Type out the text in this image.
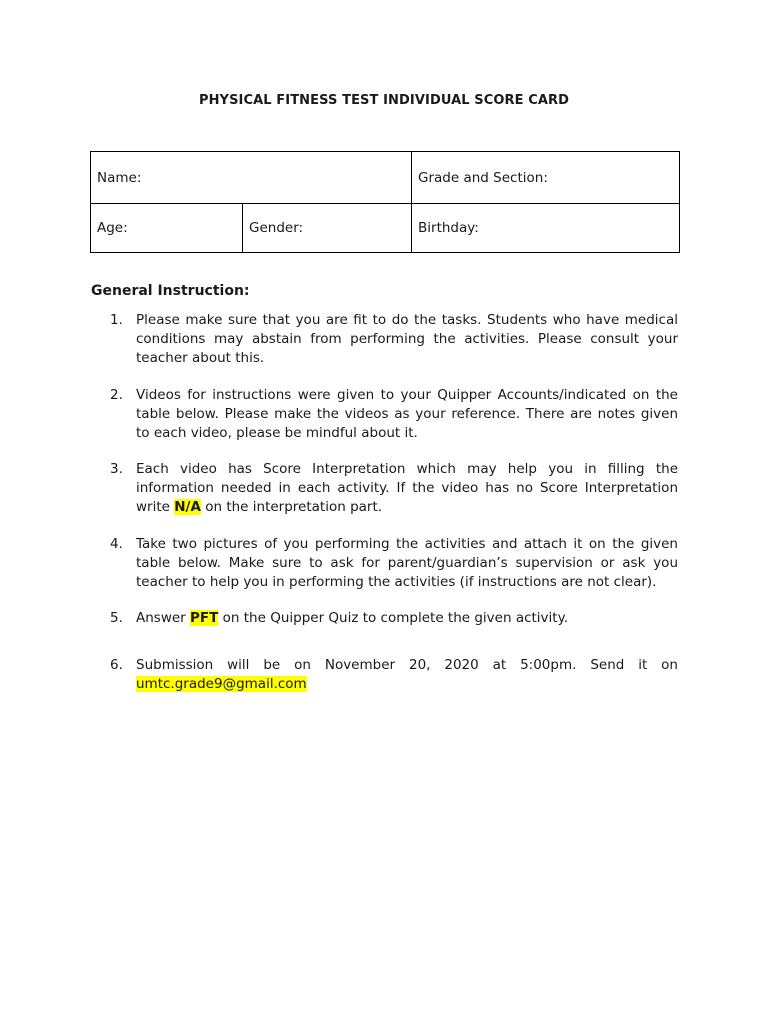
PHYSICAL FITNESS TEST INDIVIDUAL SCORE CARD
Name:		Grade and Section:
Age:	Gender:	Birthday:
General Instruction:
1. Please make sure that you are fit to do the tasks. Students who have medical conditions may abstain from performing the activities. Please consult your teacher about this.
2. Videos for instructions were given to your Quipper Accounts/indicated on the table below. Please make the videos as your reference. There are notes given to each video, please be mindful about it.
3. Each video has Score Interpretation which may help you in filling the information needed in each activity. If the video has no Score Interpretation write N/A on the interpretation part.
4. Take two pictures of you performing the activities and attach it on the given table below. Make sure to ask for parent/guardian’s supervision or ask you teacher to help you in performing the activities (if instructions are not clear).
5. Answer PFT on the Quipper Quiz to complete the given activity.
6. Submission will be on November 20, 2020 at 5:00pm. Send it on
umtc.grade9@gmail.com
